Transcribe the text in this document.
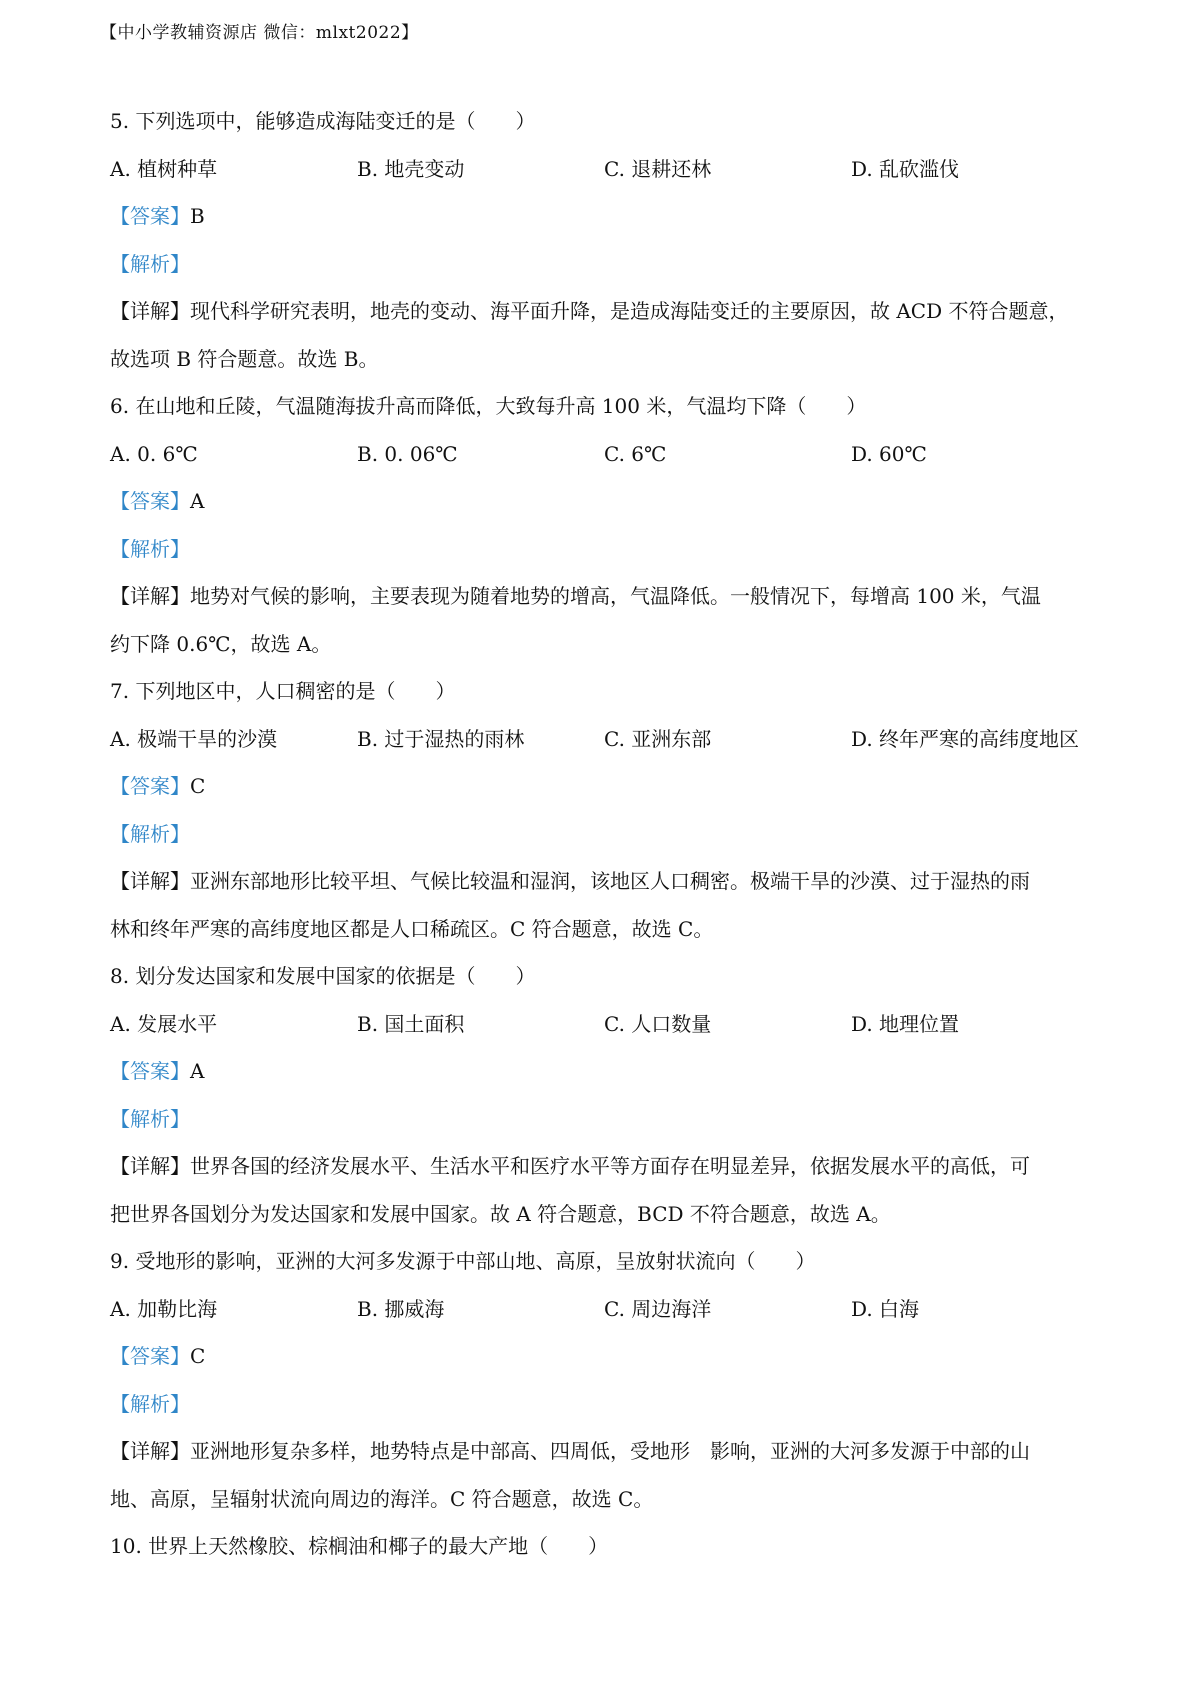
【中小学教辅资源店 微信：mlxt2022】
5. 下列选项中，能够造成海陆变迁的是（　　）
A. 植树种草	B. 地壳变动	C. 退耕还林	D. 乱砍滥伐
【答案】B
【解析】
【详解】现代科学研究表明，地壳的变动、海平面升降，是造成海陆变迁的主要原因，故 ACD 不符合题意，
故选项 B 符合题意。故选 B。
6. 在山地和丘陵，气温随海拔升高而降低，大致每升高 100 米，气温均下降（　　）
A. 0. 6℃	B. 0. 06℃	C. 6℃	D. 60℃
【答案】A
【解析】
【详解】地势对气候的影响，主要表现为随着地势的增高，气温降低。一般情况下，每增高 100 米，气温
约下降 0.6℃，故选 A。
7. 下列地区中，人口稠密的是（　　）
A. 极端干旱的沙漠	B. 过于湿热的雨林	C. 亚洲东部	D. 终年严寒的高纬度地区
【答案】C
【解析】
【详解】亚洲东部地形比较平坦、气候比较温和湿润，该地区人口稠密。极端干旱的沙漠、过于湿热的雨
林和终年严寒的高纬度地区都是人口稀疏区。C 符合题意，故选 C。
8. 划分发达国家和发展中国家的依据是（　　）
A. 发展水平	B. 国土面积	C. 人口数量	D. 地理位置
【答案】A
【解析】
【详解】世界各国的经济发展水平、生活水平和医疗水平等方面存在明显差异，依据发展水平的高低，可
把世界各国划分为发达国家和发展中国家。故 A 符合题意，BCD 不符合题意，故选 A。
9. 受地形的影响，亚洲的大河多发源于中部山地、高原，呈放射状流向（　　）
A. 加勒比海	B. 挪威海	C. 周边海洋	D. 白海
【答案】C
【解析】
【详解】亚洲地形复杂多样，地势特点是中部高、四周低，受地形　影响，亚洲的大河多发源于中部的山
地、高原，呈辐射状流向周边的海洋。C 符合题意，故选 C。
10. 世界上天然橡胶、棕榈油和椰子的最大产地（　　）
